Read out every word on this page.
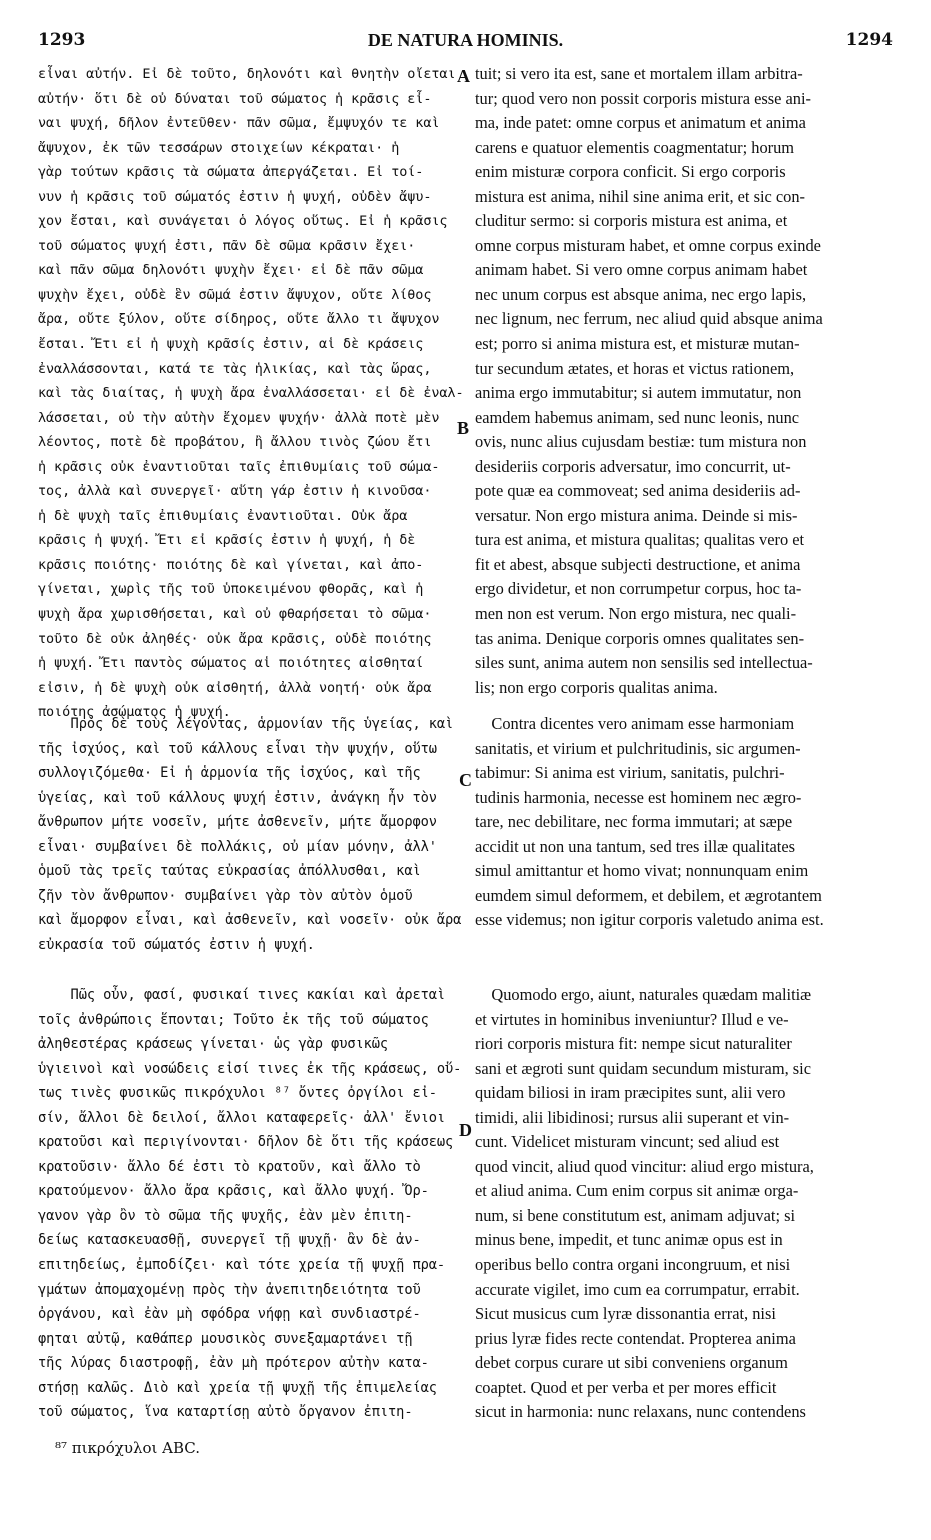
1293	DE NATURA HOMINIS.	1294
εἶναι αὐτήν. Εἰ δὲ τοῦτο, δηλονότι καὶ θνητὴν οἴεται
αὐτήν· ὅτι δὲ οὐ δύναται τοῦ σώματος ἡ κρᾶσις εἶ-
ναι ψυχή, δῆλον ἐντεῦθεν· πᾶν σῶμα, ἔμψυχόν τε καὶ
ἄψυχον, ἐκ τῶν τεσσάρων στοιχείων κέκραται· ἡ
γὰρ τούτων κρᾶσις τὰ σώματα ἀπεργάζεται. Εἰ τοί-
νυν ἡ κρᾶσις τοῦ σώματός ἐστιν ἡ ψυχή, οὐδὲν ἄψυ-
χον ἔσται, καὶ συνάγεται ὁ λόγος οὕτως. Εἰ ἡ κρᾶσις
τοῦ σώματος ψυχή ἐστι, πᾶν δὲ σῶμα κρᾶσιν ἔχει·
καὶ πᾶν σῶμα δηλονότι ψυχὴν ἔχει· εἰ δὲ πᾶν σῶμα
ψυχὴν ἔχει, οὐδὲ ἓν σῶμά ἐστιν ἄψυχον, οὔτε λίθος
ἄρα, οὔτε ξύλον, οὔτε σίδηρος, οὔτε ἄλλο τι ἄψυχον
ἔσται. Ἔτι εἰ ἡ ψυχὴ κρᾶσίς ἐστιν, αἱ δὲ κράσεις
ἐναλλάσσονται, κατά τε τὰς ἡλικίας, καὶ τὰς ὥρας,
καὶ τὰς διαίτας, ἡ ψυχὴ ἄρα ἐναλλάσσεται· εἰ δὲ ἐναλ-
λάσσεται, οὐ τὴν αὐτὴν ἔχομεν ψυχήν· ἀλλὰ ποτὲ μὲν
λέοντος, ποτὲ δὲ προβάτου, ἢ ἄλλου τινὸς ζώου ἔτι
ἡ κρᾶσις οὐκ ἐναντιοῦται ταῖς ἐπιθυμίαις τοῦ σώμα-
τος, ἀλλὰ καὶ συνεργεῖ· αὕτη γάρ ἐστιν ἡ κινοῦσα·
ἡ δὲ ψυχὴ ταῖς ἐπιθυμίαις ἐναντιοῦται. Οὐκ ἄρα
κρᾶσις ἡ ψυχή. Ἔτι εἰ κρᾶσίς ἐστιν ἡ ψυχή, ἡ δὲ
κρᾶσις ποιότης· ποιότης δὲ καὶ γίνεται, καὶ ἀπο-
γίνεται, χωρὶς τῆς τοῦ ὑποκειμένου φθορᾶς, καὶ ἡ
ψυχὴ ἄρα χωρισθήσεται, καὶ οὐ φθαρήσεται τὸ σῶμα·
τοῦτο δὲ οὐκ ἀληθές· οὐκ ἄρα κρᾶσις, οὐδὲ ποιότης
ἡ ψυχή. Ἔτι παντὸς σώματος αἱ ποιότητες αἰσθηταί
εἰσιν, ἡ δὲ ψυχὴ οὐκ αἰσθητή, ἀλλὰ νοητή· οὐκ ἄρα
ποιότης ἀσώματος ἡ ψυχή.
Πρὸς δὲ τοὺς λέγοντας, ἁρμονίαν τῆς ὑγείας, καὶ
τῆς ἰσχύος, καὶ τοῦ κάλλους εἶναι τὴν ψυχήν, οὕτω
συλλογιζόμεθα· Εἰ ἡ ἁρμονία τῆς ἰσχύος, καὶ τῆς
ὑγείας, καὶ τοῦ κάλλους ψυχή ἐστιν, ἀνάγκη ἦν τὸν
ἄνθρωπον μήτε νοσεῖν, μήτε ἀσθενεῖν, μήτε ἄμορφον
εἶναι· συμβαίνει δὲ πολλάκις, οὐ μίαν μόνην, ἀλλ'
ὁμοῦ τὰς τρεῖς ταύτας εὐκρασίας ἀπόλλυσθαι, καὶ
ζῆν τὸν ἄνθρωπον· συμβαίνει γὰρ τὸν αὐτὸν ὁμοῦ
καὶ ἄμορφον εἶναι, καὶ ἀσθενεῖν, καὶ νοσεῖν· οὐκ ἄρα
εὐκρασία τοῦ σώματός ἐστιν ἡ ψυχή.
Πῶς οὖν, φασί, φυσικαί τινες κακίαι καὶ ἀρεταὶ
τοῖς ἀνθρώποις ἕπονται; Τοῦτο ἐκ τῆς τοῦ σώματος
ἀληθεστέρας κράσεως γίνεται· ὡς γὰρ φυσικῶς
ὑγιεινοὶ καὶ νοσώδεις εἰσί τινες ἐκ τῆς κράσεως, οὕ-
τως τινὲς φυσικῶς πικρόχυλοι ⁸⁷ ὄντες ὀργίλοι εἰ-
σίν, ἄλλοι δὲ δειλοί, ἄλλοι καταφερεῖς· ἀλλ' ἔνιοι
κρατοῦσι καὶ περιγίνονται· δῆλον δὲ ὅτι τῆς κράσεως
κρατοῦσιν· ἄλλο δέ ἐστι τὸ κρατοῦν, καὶ ἄλλο τὸ
κρατούμενον· ἄλλο ἄρα κρᾶσις, καὶ ἄλλο ψυχή. Ὄρ-
γανον γὰρ ὂν τὸ σῶμα τῆς ψυχῆς, ἐὰν μὲν ἐπιτη-
δείως κατασκευασθῇ, συνεργεῖ τῇ ψυχῇ· ἂν δὲ ἀν-
επιτηδείως, ἐμποδίζει· καὶ τότε χρεία τῇ ψυχῇ πρα-
γμάτων ἀπομαχομένῃ πρὸς τὴν ἀνεπιτηδειότητα τοῦ
ὀργάνου, καὶ ἐὰν μὴ σφόδρα νήφῃ καὶ συνδιαστρέ-
φηται αὐτῷ, καθάπερ μουσικὸς συνεξαμαρτάνει τῇ
τῆς λύρας διαστροφῇ, ἐὰν μὴ πρότερον αὐτὴν κατα-
στήσῃ καλῶς. Διὸ καὶ χρεία τῇ ψυχῇ τῆς ἐπιμελείας
τοῦ σώματος, ἵνα καταρτίσῃ αὐτὸ ὄργανον ἐπιτη-
A
B
C
D
tuit; si vero ita est, sane et mortalem illam arbitra-
tur; quod vero non possit corporis mistura esse ani-
ma, inde patet: omne corpus et animatum et anima
carens e quatuor elementis coagmentatur; horum
enim misturæ corpora conficit. Si ergo corporis
mistura est anima, nihil sine anima erit, et sic con-
cluditur sermo: si corporis mistura est anima, et
omne corpus misturam habet, et omne corpus exinde
animam habet. Si vero omne corpus animam habet
nec unum corpus est absque anima, nec ergo lapis,
nec lignum, nec ferrum, nec aliud quid absque anima
est; porro si anima mistura est, et misturæ mutan-
tur secundum ætates, et horas et victus rationem,
anima ergo immutabitur; si autem immutatur, non
eamdem habemus animam, sed nunc leonis, nunc
ovis, nunc alius cujusdam bestiæ: tum mistura non
desideriis corporis adversatur, imo concurrit, ut-
pote quæ ea commoveat; sed anima desideriis ad-
versatur. Non ergo mistura anima. Deinde si mis-
tura est anima, et mistura qualitas; qualitas vero et
fit et abest, absque subjecti destructione, et anima
ergo dividetur, et non corrumpetur corpus, hoc ta-
men non est verum. Non ergo mistura, nec quali-
tas anima. Denique corporis omnes qualitates sen-
siles sunt, anima autem non sensilis sed intellectua-
lis; non ergo corporis qualitas anima.
Contra dicentes vero animam esse harmoniam
sanitatis, et virium et pulchritudinis, sic argumen-
tabimur: Si anima est virium, sanitatis, pulchri-
tudinis harmonia, necesse est hominem nec ægro-
tare, nec debilitare, nec forma immutari; at sæpe
accidit ut non una tantum, sed tres illæ qualitates
simul amittantur et homo vivat; nonnunquam enim
eumdem simul deformem, et debilem, et ægrotantem
esse videmus; non igitur corporis valetudo anima est.
Quomodo ergo, aiunt, naturales quædam malitiæ
et virtutes in hominibus inveniuntur? Illud e ve-
riori corporis mistura fit: nempe sicut naturaliter
sani et ægroti sunt quidam secundum misturam, sic
quidam biliosi in iram præcipites sunt, alii vero
timidi, alii libidinosi; rursus alii superant et vin-
cunt. Videlicet misturam vincunt; sed aliud est
quod vincit, aliud quod vincitur: aliud ergo mistura,
et aliud anima. Cum enim corpus sit animæ orga-
num, si bene constitutum est, animam adjuvat; si
minus bene, impedit, et tunc animæ opus est in
operibus bello contra organi incongruum, et nisi
accurate vigilet, imo cum ea corrumpatur, errabit.
Sicut musicus cum lyræ dissonantia errat, nisi
prius lyræ fides recte contendat. Propterea anima
debet corpus curare ut sibi conveniens organum
coaptet. Quod et per verba et per mores efficit
sicut in harmonia: nunc relaxans, nunc contendens
⁸⁷ πικρόχυλοι ABC.
